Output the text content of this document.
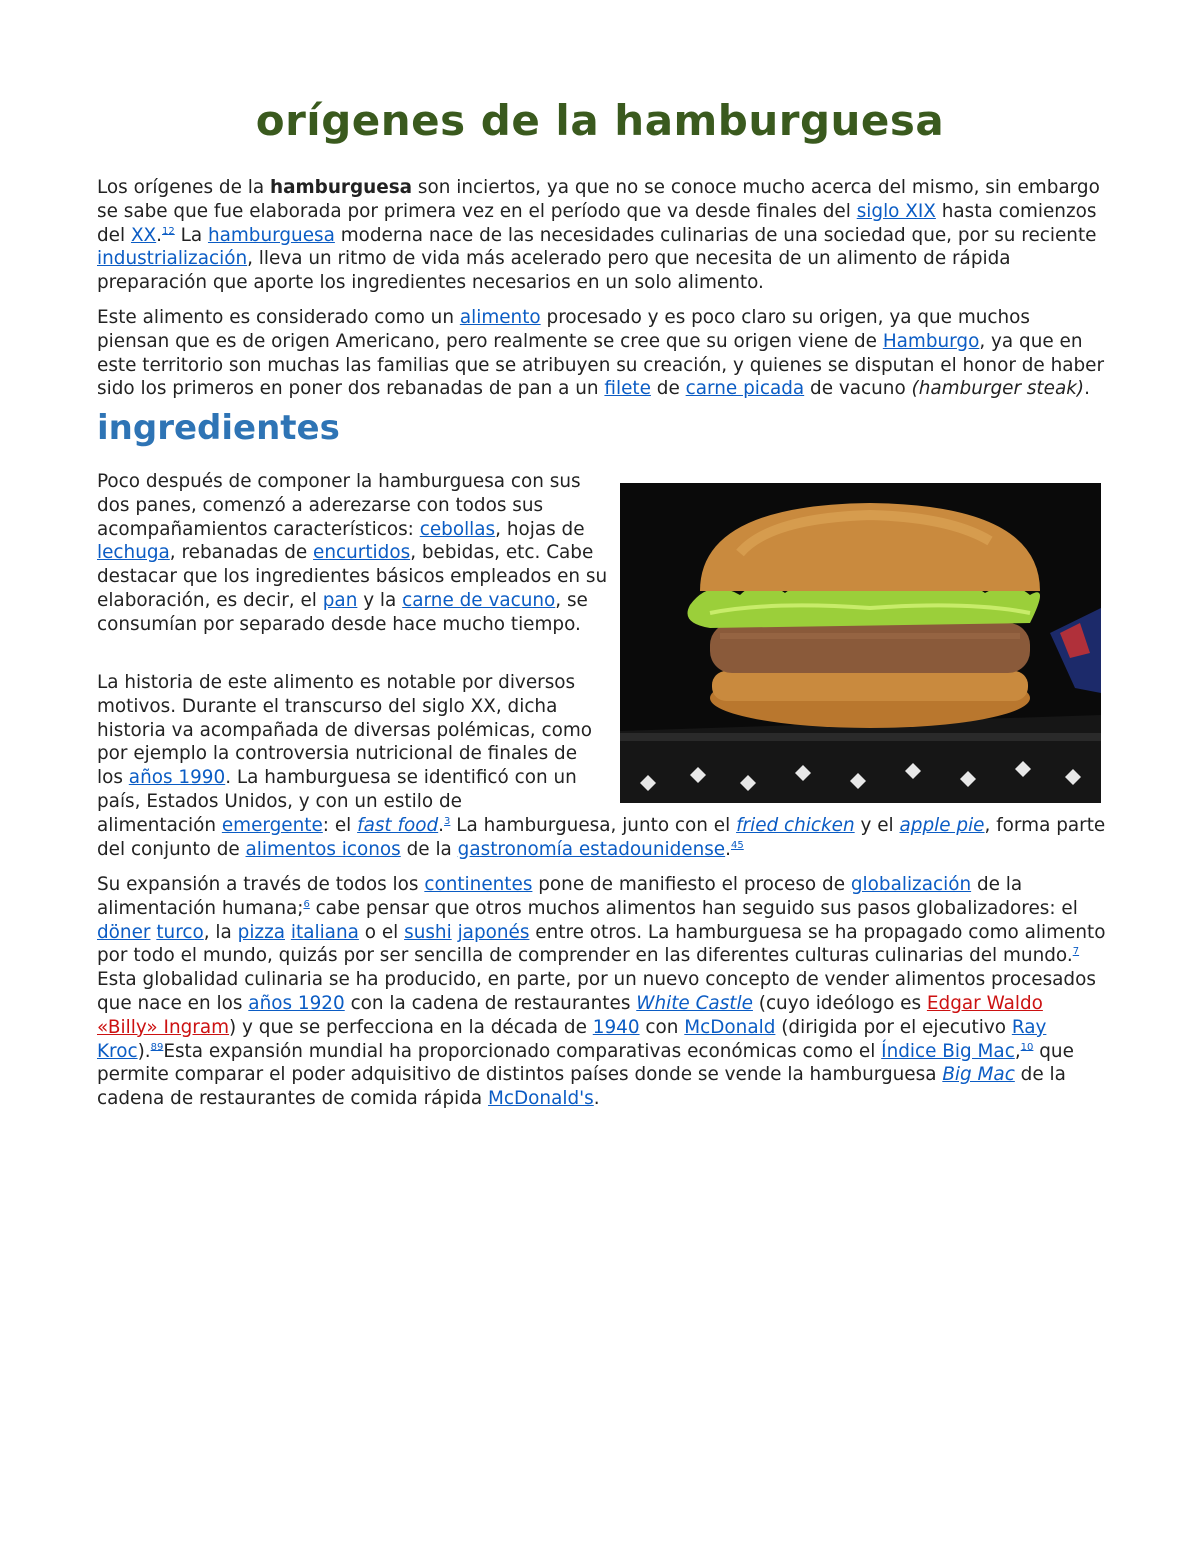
orígenes de la hamburguesa

Los orígenes de la hamburguesa son inciertos, ya que no se conoce mucho acerca del mismo, sin embargo se sabe que fue elaborada por primera vez en el período que va desde finales del siglo XIX hasta comienzos del XX.$^{12}$ La hamburguesa moderna nace de las necesidades culinarias de una sociedad que, por su reciente industrialización, lleva un ritmo de vida más acelerado pero que necesita de un alimento de rápida preparación que aporte los ingredientes necesarios en un solo alimento.

Este alimento es considerado como un alimento procesado y es poco claro su origen, ya que muchos piensan que es de origen Americano, pero realmente se cree que su origen viene de Hamburgo, ya que en este territorio son muchas las familias que se atribuyen su creación, y quienes se disputan el honor de haber sido los primeros en poner dos rebanadas de pan a un filete de carne picada de vacuno (hamburger steak).

ingredientes

Poco después de componer la hamburguesa con sus dos panes, comenzó a aderezarse con todos sus acompañamientos característicos: cebollas, hojas de lechuga, rebanadas de encurtidos, bebidas, etc. Cabe destacar que los ingredientes básicos empleados en su elaboración, es decir, el pan y la carne de vacuno, se consumían por separado desde hace mucho tiempo.

La historia de este alimento es notable por diversos motivos. Durante el transcurso del siglo XX, dicha historia va acompañada de diversas polémicas, como por ejemplo la controversia nutricional de finales de los años 1990. La hamburguesa se identificó con un país, Estados Unidos, y con un estilo de

alimentación emergente: el fast food.$^3$ La hamburguesa, junto con el fried chicken y el apple pie, forma parte del conjunto de alimentos iconos de la gastronomía estadounidense.$^{45}$

Su expansión a través de todos los continentes pone de manifiesto el proceso de globalización de la alimentación humana;$^6$ cabe pensar que otros muchos alimentos han seguido sus pasos globalizadores: el döner turco, la pizza italiana o el sushi japonés entre otros. La hamburguesa se ha propagado como alimento por todo el mundo, quizás por ser sencilla de comprender en las diferentes culturas culinarias del mundo.$^7$ Esta globalidad culinaria se ha producido, en parte, por un nuevo concepto de vender alimentos procesados que nace en los años 1920 con la cadena de restaurantes White Castle (cuyo ideólogo es Edgar Waldo «Billy» Ingram) y que se perfecciona en la década de 1940 con McDonald (dirigida por el ejecutivo Ray Kroc).$^{89}$Esta expansión mundial ha proporcionado comparativas económicas como el Índice Big Mac,$^{10}$ que permite comparar el poder adquisitivo de distintos países donde se vende la hamburguesa Big Mac de la cadena de restaurantes de comida rápida McDonald's.
